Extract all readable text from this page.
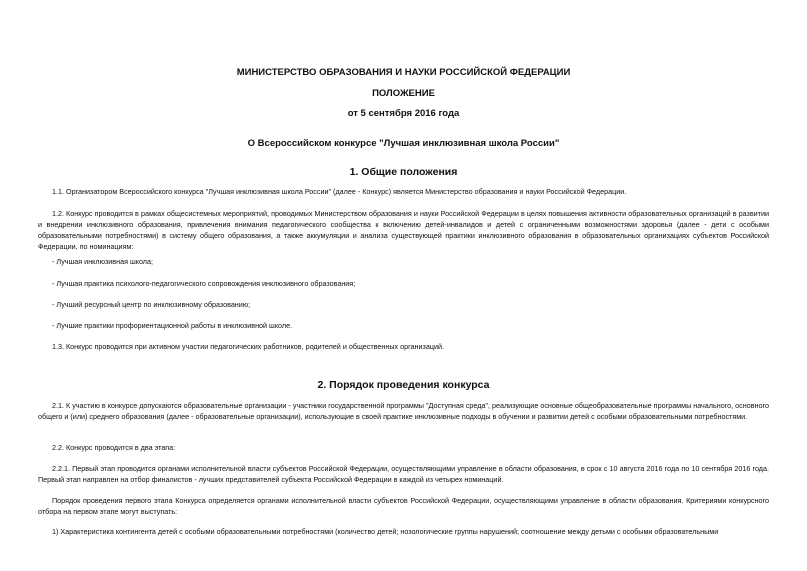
МИНИСТЕРСТВО ОБРАЗОВАНИЯ И НАУКИ РОССИЙСКОЙ ФЕДЕРАЦИИ
ПОЛОЖЕНИЕ
от 5 сентября 2016 года
О Всероссийском конкурсе "Лучшая инклюзивная школа России"
1. Общие положения

1.1. Организатором Всероссийского конкурса "Лучшая инклюзивная школа России" (далее - Конкурс) является Министерство образования и науки Российской Федерации.

1.2. Конкурс проводится в рамках общесистемных мероприятий, проводимых Министерством образования и науки Российской Федерации в целях повышения активности образовательных организаций в развитии и внедрении инклюзивного образования, привлечения внимания педагогического сообщества к включению детей-инвалидов и детей с ограниченными возможностями здоровья (далее - дети с особыми образовательными потребностями) в систему общего образования, а также аккумуляции и анализа существующей практики инклюзивного образования в образовательных организациях субъектов Российской Федерации, по номинациям:

- Лучшая инклюзивная школа;
- Лучшая практика психолого-педагогического сопровождения инклюзивного образования;
- Лучший ресурсный центр по инклюзивному образованию;
- Лучшие практики профориентационной работы в инклюзивной школе.

1.3. Конкурс проводится при активном участии педагогических работников, родителей и общественных организаций.

2. Порядок проведения конкурса

2.1. К участию в конкурсе допускаются образовательные организации - участники государственной программы "Доступная среда", реализующие основные общеобразовательные программы начального, основного общего и (или) среднего образования (далее - образовательные организации), использующие в своей практике инклюзивные подходы в обучении и развитии детей с особыми образовательными потребностями.

2.2. Конкурс проводится в два этапа:

2.2.1. Первый этап проводится органами исполнительной власти субъектов Российской Федерации, осуществляющими управление в области образования, в срок с 10 августа 2016 года по 10 сентября 2016 года. Первый этап направлен на отбор финалистов - лучших представителей субъекта Российской Федерации в каждой из четырех номинаций.

Порядок проведения первого этапа Конкурса определяется органами исполнительной власти субъектов Российской Федерации, осуществляющими управление в области образования. Критериями конкурсного отбора на первом этапе могут выступать:

1) Характеристика контингента детей с особыми образовательными потребностями (количество детей; нозологические группы нарушений; соотношение между детьми с особыми образовательными
